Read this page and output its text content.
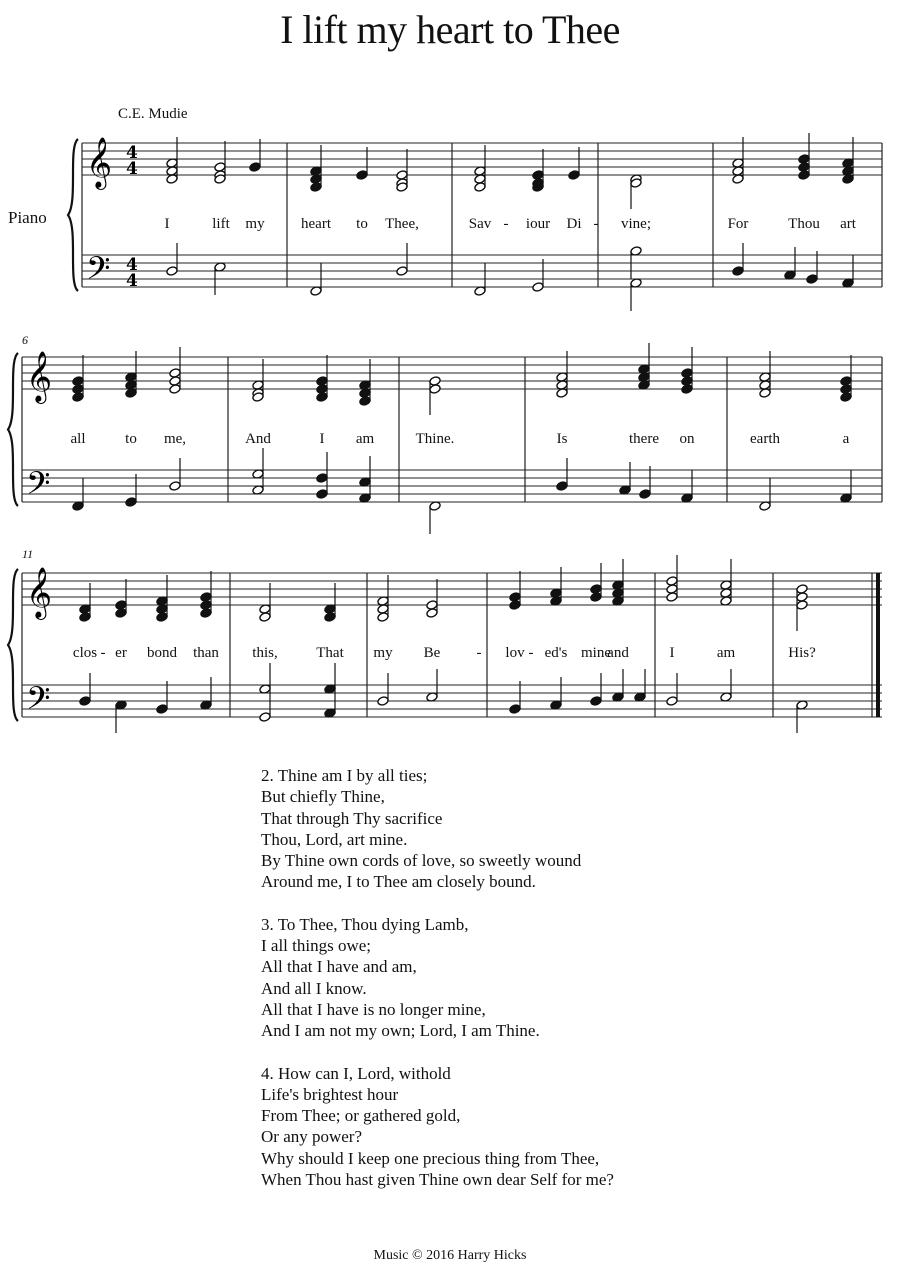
I lift my heart to Thee
C.E. Mudie
Piano
𝄞
𝄢
4
4
4
4
𝄞
𝄢
𝄞
𝄢
6
11
I	lift my heart to Thee,	Sav - iour Di - vine;	For	Thou art
all	to me,	And	I am	Thine.	Is	there on	earth	a
clos - er bond than this,	That my Be - lov - ed's mine
and	I	am	His?
2. Thine am I by all ties;
But chiefly Thine,
That through Thy sacrifice
Thou, Lord, art mine.
By Thine own cords of love, so sweetly wound
Around me, I to Thee am closely bound.
3. To Thee, Thou dying Lamb,
I all things owe;
All that I have and am,
And all I know.
All that I have is no longer mine,
And I am not my own; Lord, I am Thine.
4. How can I, Lord, withold
Life's brightest hour
From Thee; or gathered gold,
Or any power?
Why should I keep one precious thing from Thee,
When Thou hast given Thine own dear Self for me?
Music © 2016 Harry Hicks
